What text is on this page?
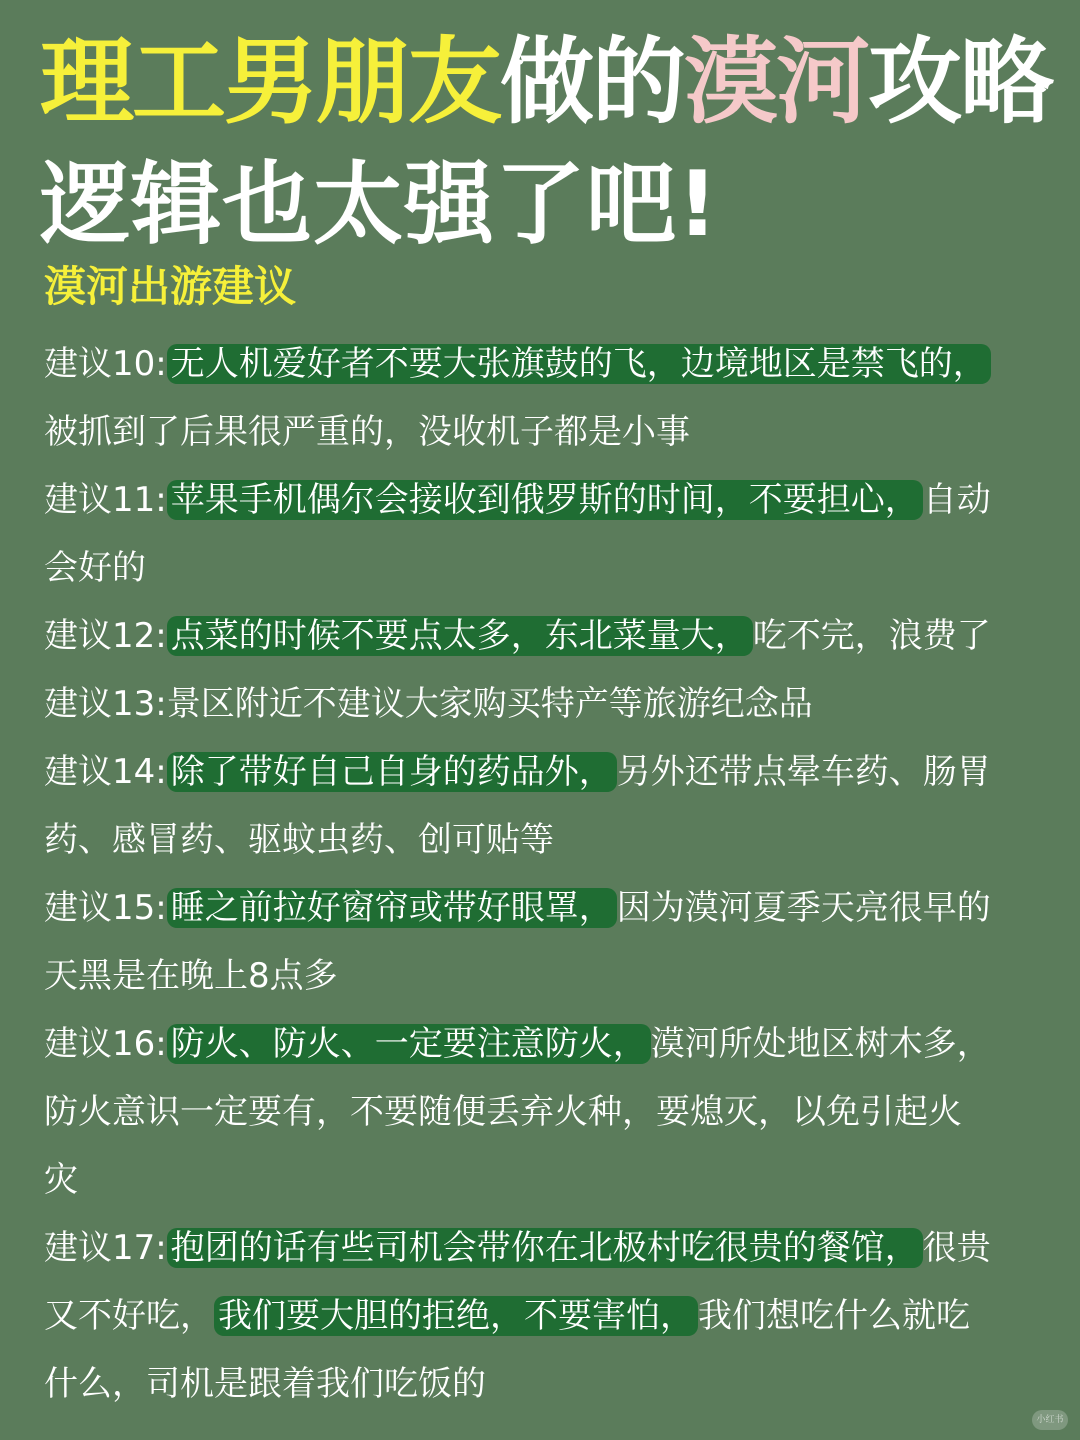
理工男朋友做的漠河攻略
逻辑也太强了吧!
漠河出游建议
建议10: 无人机爱好者不要大张旗鼓的飞，边境地区是禁飞的，
被抓到了后果很严重的，没收机子都是小事
建议11: 苹果手机偶尔会接收到俄罗斯的时间，不要担心， 自动
会好的
建议12: 点菜的时候不要点太多，东北菜量大， 吃不完，浪费了
建议13:景区附近不建议大家购买特产等旅游纪念品
建议14: 除了带好自己自身的药品外， 另外还带点晕车药、肠胃
药、感冒药、驱蚊虫药、创可贴等
建议15: 睡之前拉好窗帘或带好眼罩， 因为漠河夏季天亮很早的
天黑是在晚上8点多
建议16: 防火、防火、一定要注意防火， 漠河所处地区树木多，
防火意识一定要有，不要随便丢弃火种，要熄灭，以免引起火
灾
建议17: 抱团的话有些司机会带你在北极村吃很贵的餐馆， 很贵
又不好吃， 我们要大胆的拒绝，不要害怕， 我们想吃什么就吃
什么，司机是跟着我们吃饭的
小红书
